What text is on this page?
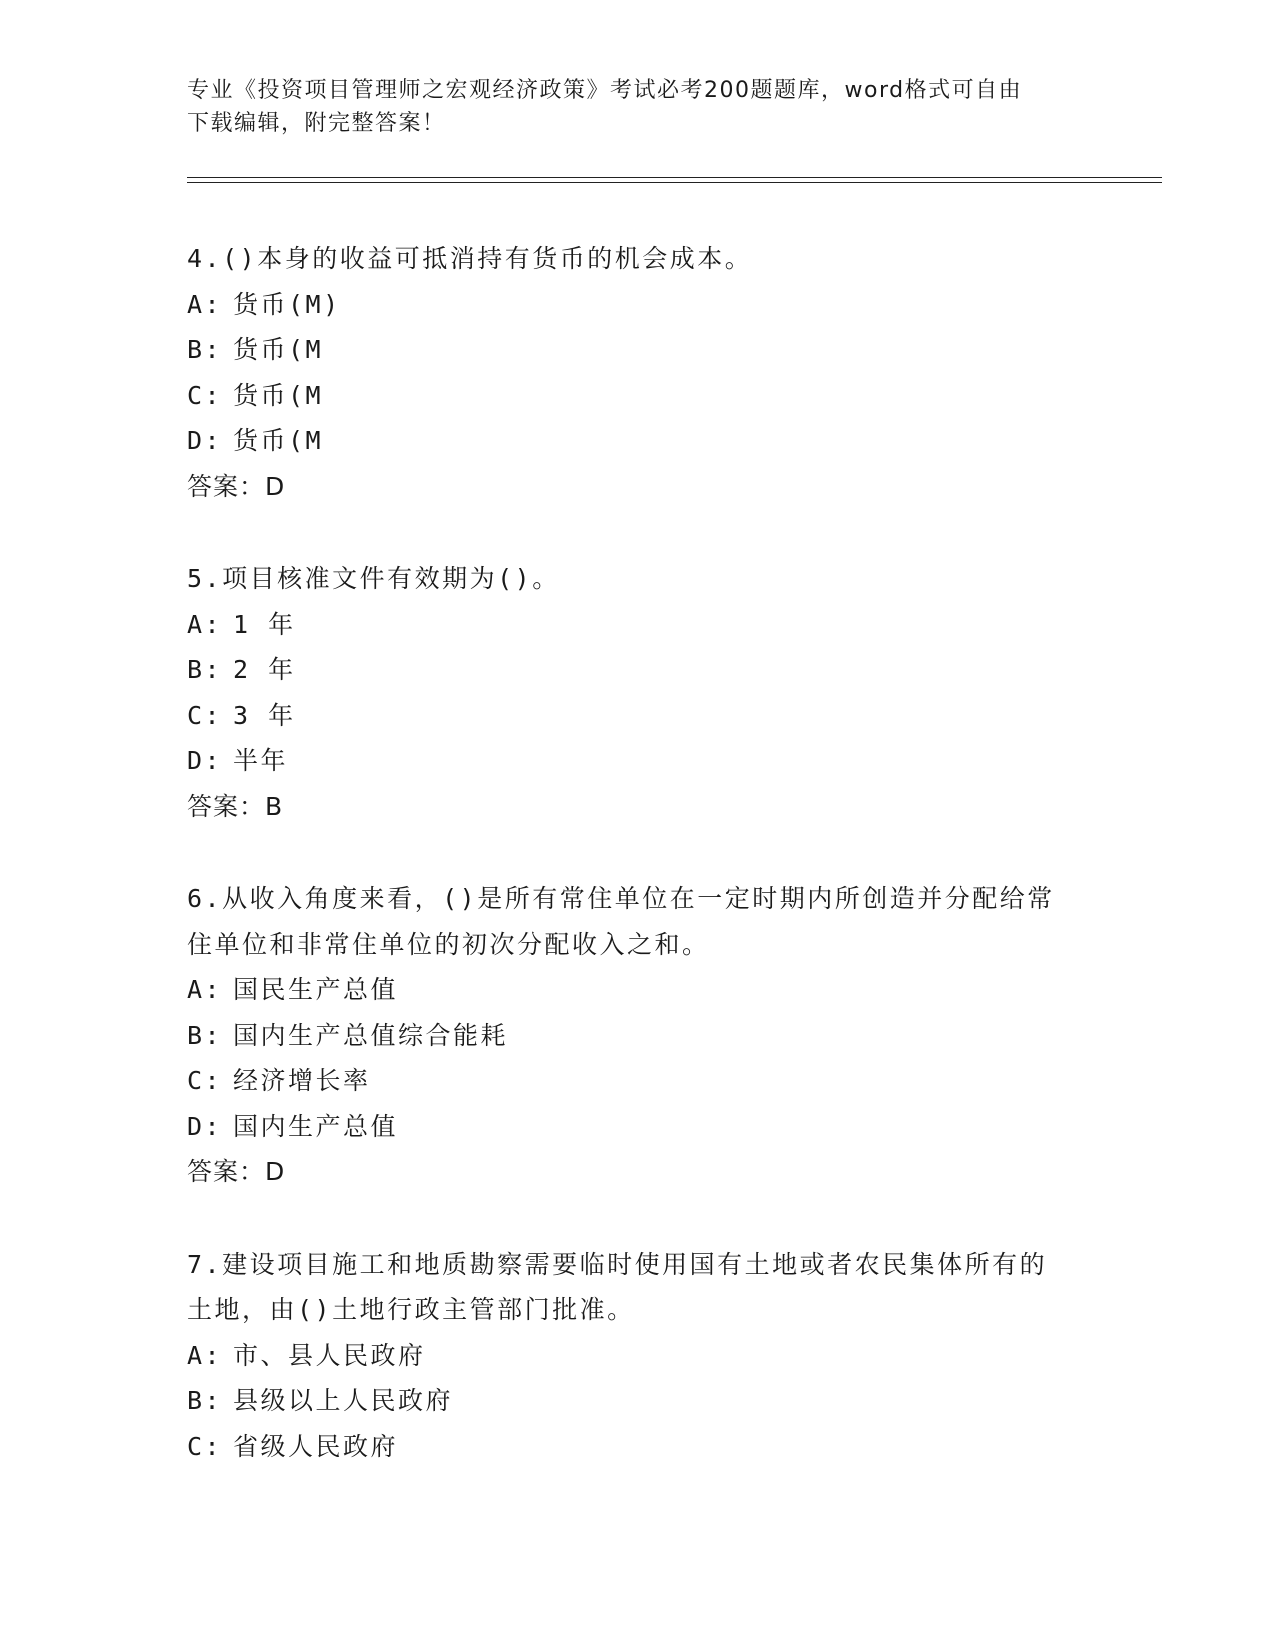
专业《投资项目管理师之宏观经济政策》考试必考200题题库，word格式可自由
下载编辑，附完整答案！
4.()本身的收益可抵消持有货币的机会成本。
A: 货币(M)
B: 货币(M
C: 货币(M
D: 货币(M
答案：D
5.项目核准文件有效期为()。
A: 1 年
B: 2 年
C: 3 年
D: 半年
答案：B
6.从收入角度来看，()是所有常住单位在一定时期内所创造并分配给常住单位和非常住单位的初次分配收入之和。
A: 国民生产总值
B: 国内生产总值综合能耗
C: 经济增长率
D: 国内生产总值
答案：D
7.建设项目施工和地质勘察需要临时使用国有土地或者农民集体所有的土地，由()土地行政主管部门批准。
A: 市、县人民政府
B: 县级以上人民政府
C: 省级人民政府
